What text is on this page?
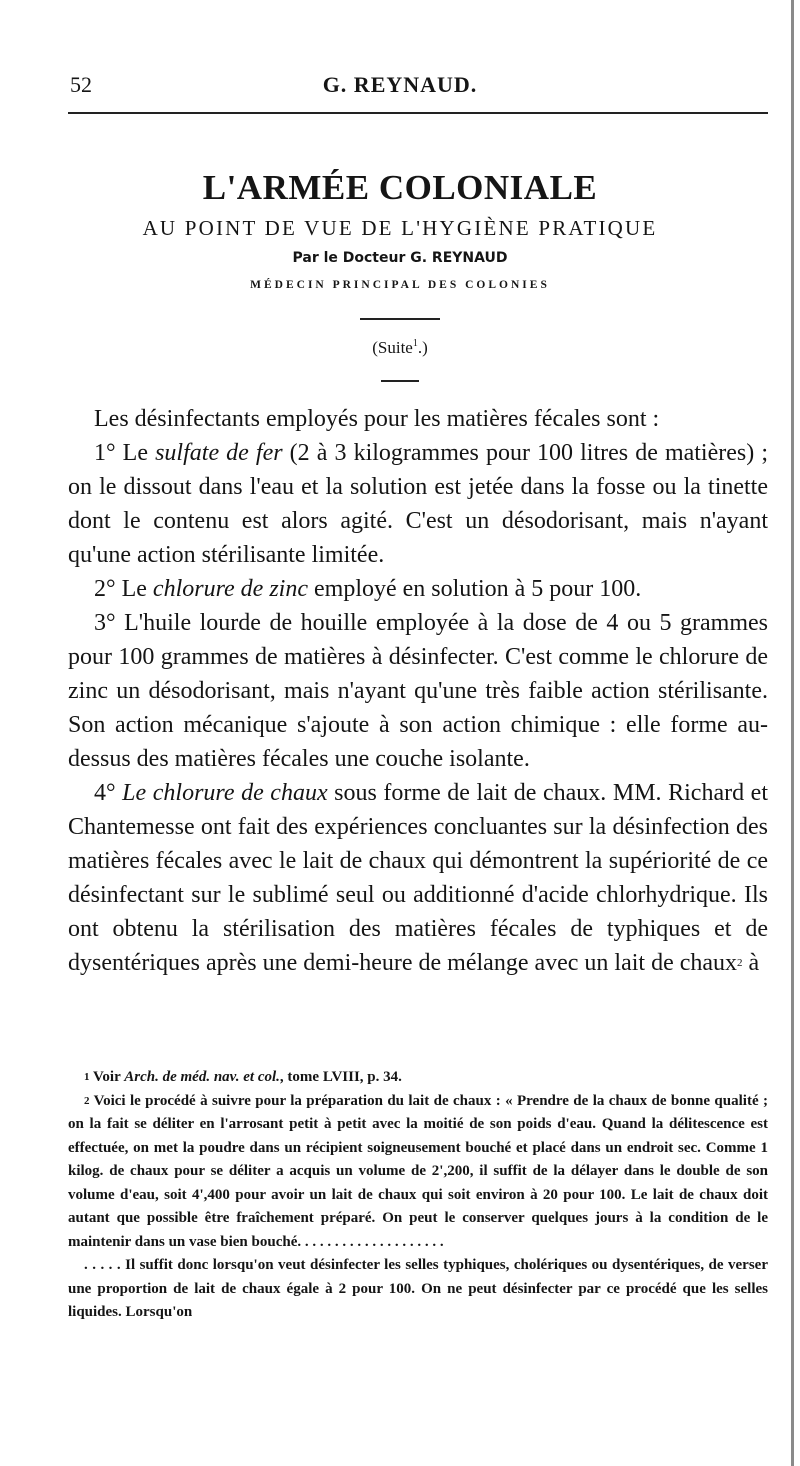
52	G. REYNAUD.
L'ARMÉE COLONIALE
AU POINT DE VUE DE L'HYGIÈNE PRATIQUE
Par le Docteur G. REYNAUD
MÉDECIN PRINCIPAL DES COLONIES
(Suite$^1$.)

Les désinfectants employés pour les matières fécales sont :

1° Le sulfate de fer (2 à 3 kilogrammes pour 100 litres de matières) ; on le dissout dans l'eau et la solution est jetée dans la fosse ou la tinette dont le contenu est alors agité. C'est un désodorisant, mais n'ayant qu'une action stérilisante limitée.

2° Le chlorure de zinc employé en solution à 5 pour 100.

3° L'huile lourde de houille employée à la dose de 4 ou 5 grammes pour 100 grammes de matières à désinfecter. C'est comme le chlorure de zinc un désodorisant, mais n'ayant qu'une très faible action stérilisante. Son action mécanique s'ajoute à son action chimique : elle forme au-dessus des matières fécales une couche isolante.

4° Le chlorure de chaux sous forme de lait de chaux. MM. Richard et Chantemesse ont fait des expériences concluantes sur la désinfection des matières fécales avec le lait de chaux qui démontrent la supériorité de ce désinfectant sur le sublimé seul ou additionné d'acide chlorhydrique. Ils ont obtenu la stérilisation des matières fécales de typhiques et de dysentériques après une demi-heure de mélange avec un lait de chaux$^2$ à

$^1$ Voir Arch. de méd. nav. et col., tome LVIII, p. 34.

$^2$ Voici le procédé à suivre pour la préparation du lait de chaux : « Prendre de la chaux de bonne qualité ; on la fait se déliter en l'arrosant petit à petit avec la moitié de son poids d'eau. Quand la délitescence est effectuée, on met la poudre dans un récipient soigneusement bouché et placé dans un endroit sec. Comme 1 kilog. de chaux pour se déliter a acquis un volume de 2',200, il suffit de la délayer dans le double de son volume d'eau, soit 4',400 pour avoir un lait de chaux qui soit environ à 20 pour 100. Le lait de chaux doit autant que possible être fraîchement préparé. On peut le conserver quelques jours à la condition de le maintenir dans un vase bien bouché. . . . . . . . . . . . . . . . . . . .

. . . . . Il suffit donc lorsqu'on veut désinfecter les selles typhiques, cholériques ou dysentériques, de verser une proportion de lait de chaux égale à 2 pour 100. On ne peut désinfecter par ce procédé que les selles liquides. Lorsqu'on
